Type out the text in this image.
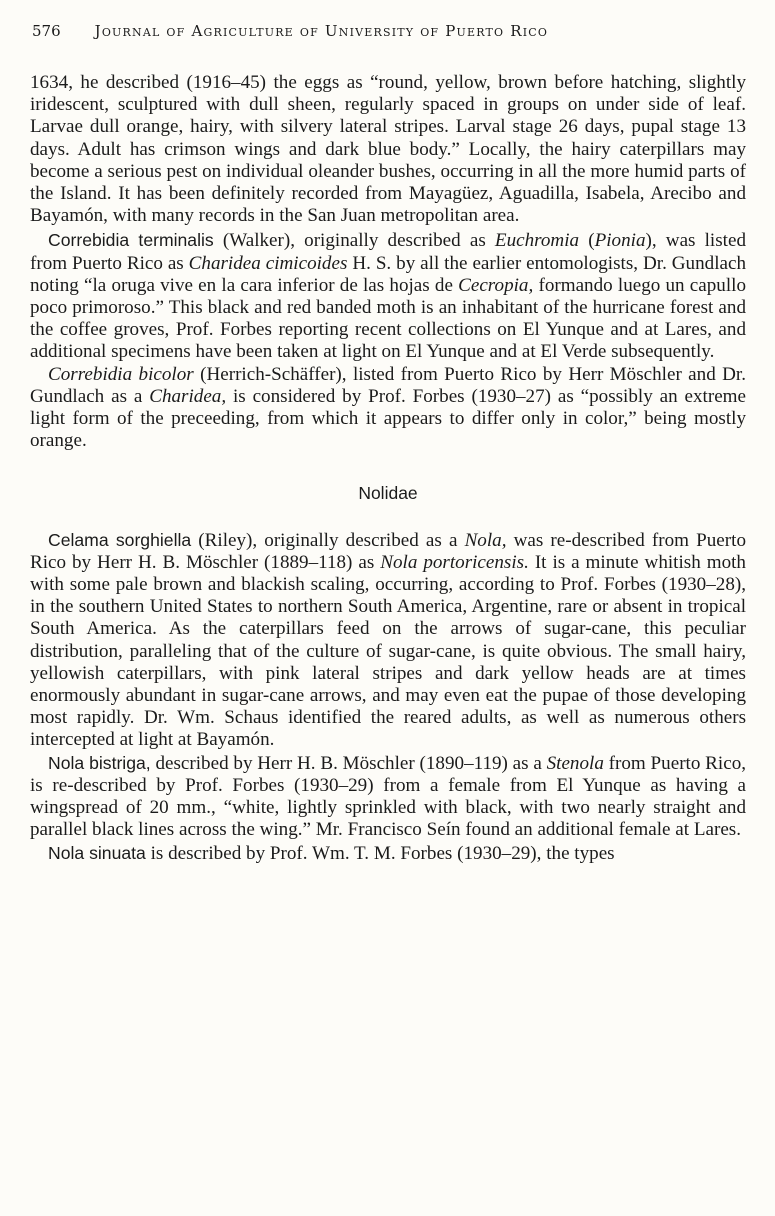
576 Journal of Agriculture of University of Puerto Rico

1634, he described (1916–45) the eggs as “round, yellow, brown before hatching, slightly iridescent, sculptured with dull sheen, regularly spaced in groups on under side of leaf. Larvae dull orange, hairy, with silvery lateral stripes. Larval stage 26 days, pupal stage 13 days. Adult has crimson wings and dark blue body.” Locally, the hairy caterpillars may become a serious pest on individual oleander bushes, occurring in all the more humid parts of the Island. It has been definitely recorded from Mayagüez, Aguadilla, Isabela, Arecibo and Bayamón, with many records in the San Juan metropolitan area.

Correbidia terminalis (Walker), originally described as Euchromia (Pionia), was listed from Puerto Rico as Charidea cimicoides H. S. by all the earlier entomologists, Dr. Gundlach noting “la oruga vive en la cara inferior de las hojas de Cecropia, formando luego un capullo poco primoroso.” This black and red banded moth is an inhabitant of the hurricane forest and the coffee groves, Prof. Forbes reporting recent collections on El Yunque and at Lares, and additional specimens have been taken at light on El Yunque and at El Verde subsequently.

Correbidia bicolor (Herrich-Schäffer), listed from Puerto Rico by Herr Möschler and Dr. Gundlach as a Charidea, is considered by Prof. Forbes (1930–27) as “possibly an extreme light form of the preceeding, from which it appears to differ only in color,” being mostly orange.

Nolidae

Celama sorghiella (Riley), originally described as a Nola, was re-described from Puerto Rico by Herr H. B. Möschler (1889–118) as Nola portoricensis. It is a minute whitish moth with some pale brown and blackish scaling, occurring, according to Prof. Forbes (1930–28), in the southern United States to northern South America, Argentine, rare or absent in tropical South America. As the caterpillars feed on the arrows of sugar-cane, this peculiar distribution, paralleling that of the culture of sugar-cane, is quite obvious. The small hairy, yellowish caterpillars, with pink lateral stripes and dark yellow heads are at times enormously abundant in sugar-cane arrows, and may even eat the pupae of those developing most rapidly. Dr. Wm. Schaus identified the reared adults, as well as numerous others intercepted at light at Bayamón.

Nola bistriga, described by Herr H. B. Möschler (1890–119) as a Stenola from Puerto Rico, is re-described by Prof. Forbes (1930–29) from a female from El Yunque as having a wingspread of 20 mm., “white, lightly sprinkled with black, with two nearly straight and parallel black lines across the wing.” Mr. Francisco Seín found an additional female at Lares.

Nola sinuata is described by Prof. Wm. T. M. Forbes (1930–29), the types
